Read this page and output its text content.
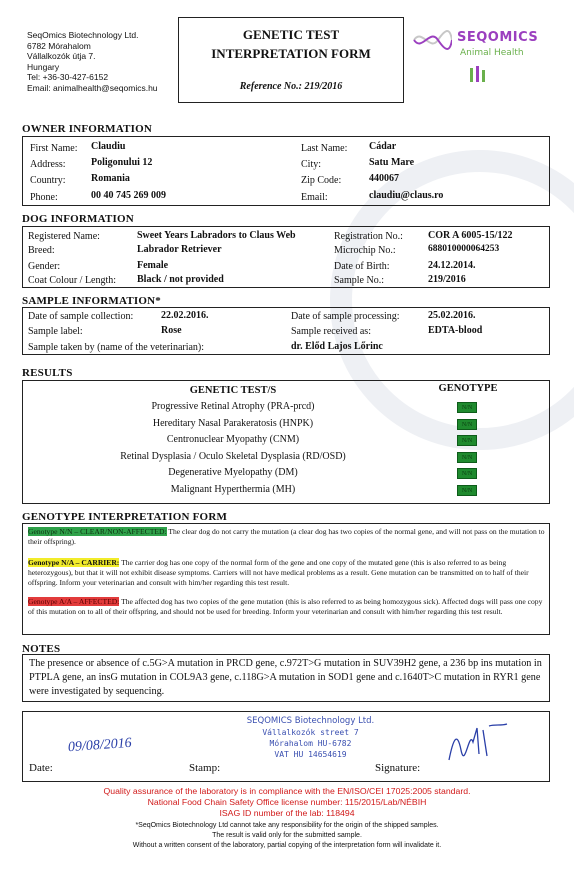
SeqOmics Biotechnology Ltd.
6782 Mórahalom
Vállalkozók útja 7.
Hungary
Tel: +36-30-427-6152
Email: animalhealth@seqomics.hu
GENETIC TEST
INTERPRETATION FORM
Reference No.: 219/2016
SEQOMICS
Animal Health
OWNER INFORMATION
First Name: Claudiu	Last Name: Cádar
Address:	Poligonului 12	City:	Satu Mare
Country:	Romania	Zip Code:	440067
Phone:	00 40 745 269 009	Email:	claudiu@claus.ro
DOG INFORMATION
Registered Name:	Sweet Years Labradors to Claus Web	Registration No.:	COR A 6005-15/122
Breed:	Labrador Retriever	Microchip No.:	688010000064253
Gender:	Female	Date of Birth:	24.12.2014.
Coat Colour / Length: Black / not provided	Sample No.:	219/2016
SAMPLE INFORMATION*
Date of sample collection:	22.02.2016.	Date of sample processing:	25.02.2016.
Sample label:	Rose	Sample received as:	EDTA-blood
Sample taken by (name of the veterinarian):	dr. Előd Lajos Lőrinc
RESULTS
GENETIC TEST/S	GENOTYPE
Progressive Retinal Atrophy (PRA-prcd)	N/N
Hereditary Nasal Parakeratosis (HNPK)	N/N
Centronuclear Myopathy (CNM)	N/N
Retinal Dysplasia / Oculo Skeletal Dysplasia (RD/OSD)	N/N
Degenerative Myelopathy (DM)	N/N
Malignant Hyperthermia (MH)	N/N
GENOTYPE INTERPRETATION FORM
Genotype N/N – CLEAR/NON-AFFECTED: The clear dog do not carry the mutation (a clear dog has two copies of the normal gene, and will not pass on the mutation to their offspring).
Genotype N/A – CARRIER: The carrier dog has one copy of the normal form of the gene and one copy of the mutated gene (this is also referred to as being heterozygous), but that it will not exhibit disease symptoms. Carriers will not have medical problems as a result. Gene mutation can be transmitted on to half of their offspring. Inform your veterinarian and consult with him/her regarding this test result.
Genotype A/A – AFFECTED: The affected dog has two copies of the gene mutation (this is also referred to as being homozygous sick). Affected dogs will pass one copy of this mutation on to all of their offspring, and should not be used for breeding. Inform your veterinarian and consult with him/her regarding this test result.
NOTES
The presence or absence of c.5G>A mutation in PRCD gene, c.972T>G mutation in SUV39H2 gene, a 236 bp ins mutation in PTPLA gene, an insG mutation in COL9A3 gene, c.118G>A mutation in SOD1 gene and c.1640T>C mutation in RYR1 gene were investigated by sequencing.
Date:
09/08/2016
Stamp:
SEQOMICS Biotechnology Ltd.
Vállalkozók street 7
Mórahalom HU-6782
VAT HU 14654619
Signature:
Quality assurance of the laboratory is in compliance with the EN/ISO/CEI 17025:2005 standard.
National Food Chain Safety Office license number: 115/2015/Lab/NÉBIH
ISAG ID number of the lab: 118494
*SeqOmics Biotechnology Ltd cannot take any responsibility for the origin of the shipped samples.
The result is valid only for the submitted sample.
Without a written consent of the laboratory, partial copying of the interpretation form will invalidate it.
